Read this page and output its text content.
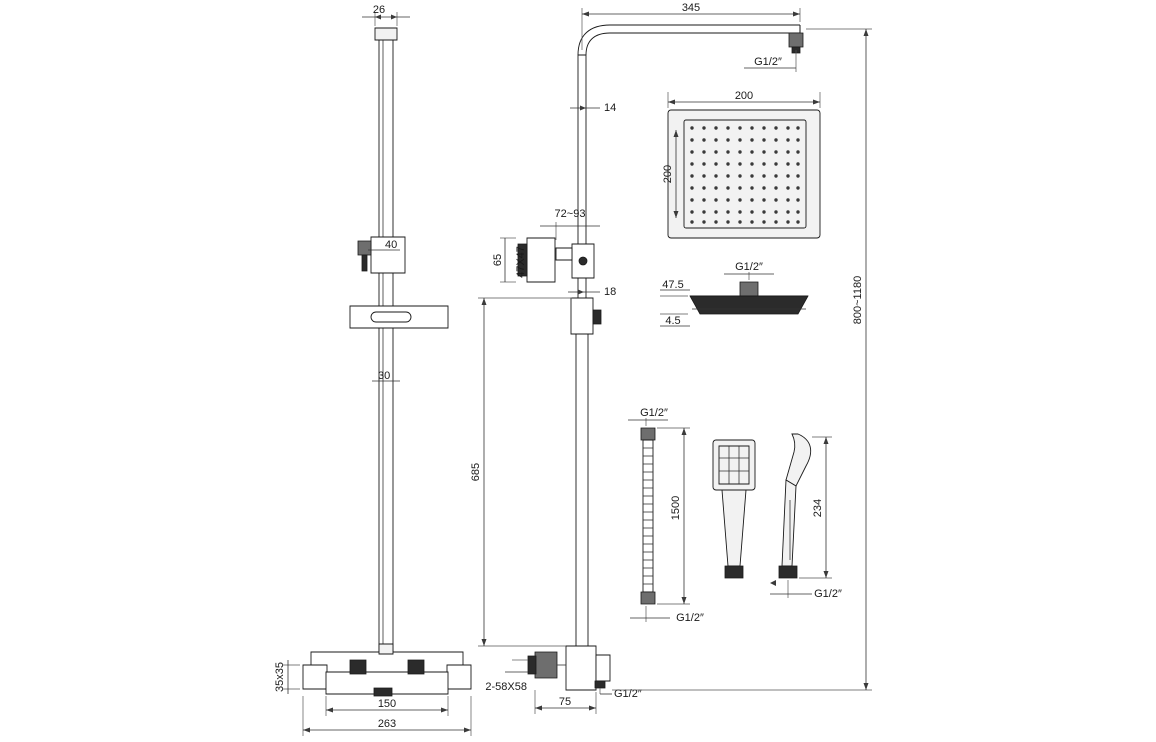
26
40
30
35x35
150
263
345
G1/2″
14
72~93
47X47
65
18
685
2-58X58
75
G1/2″
800~1180
200
200
G1/2″
47.5
4.5
G1/2″
1500
G1/2″
234
G1/2″
